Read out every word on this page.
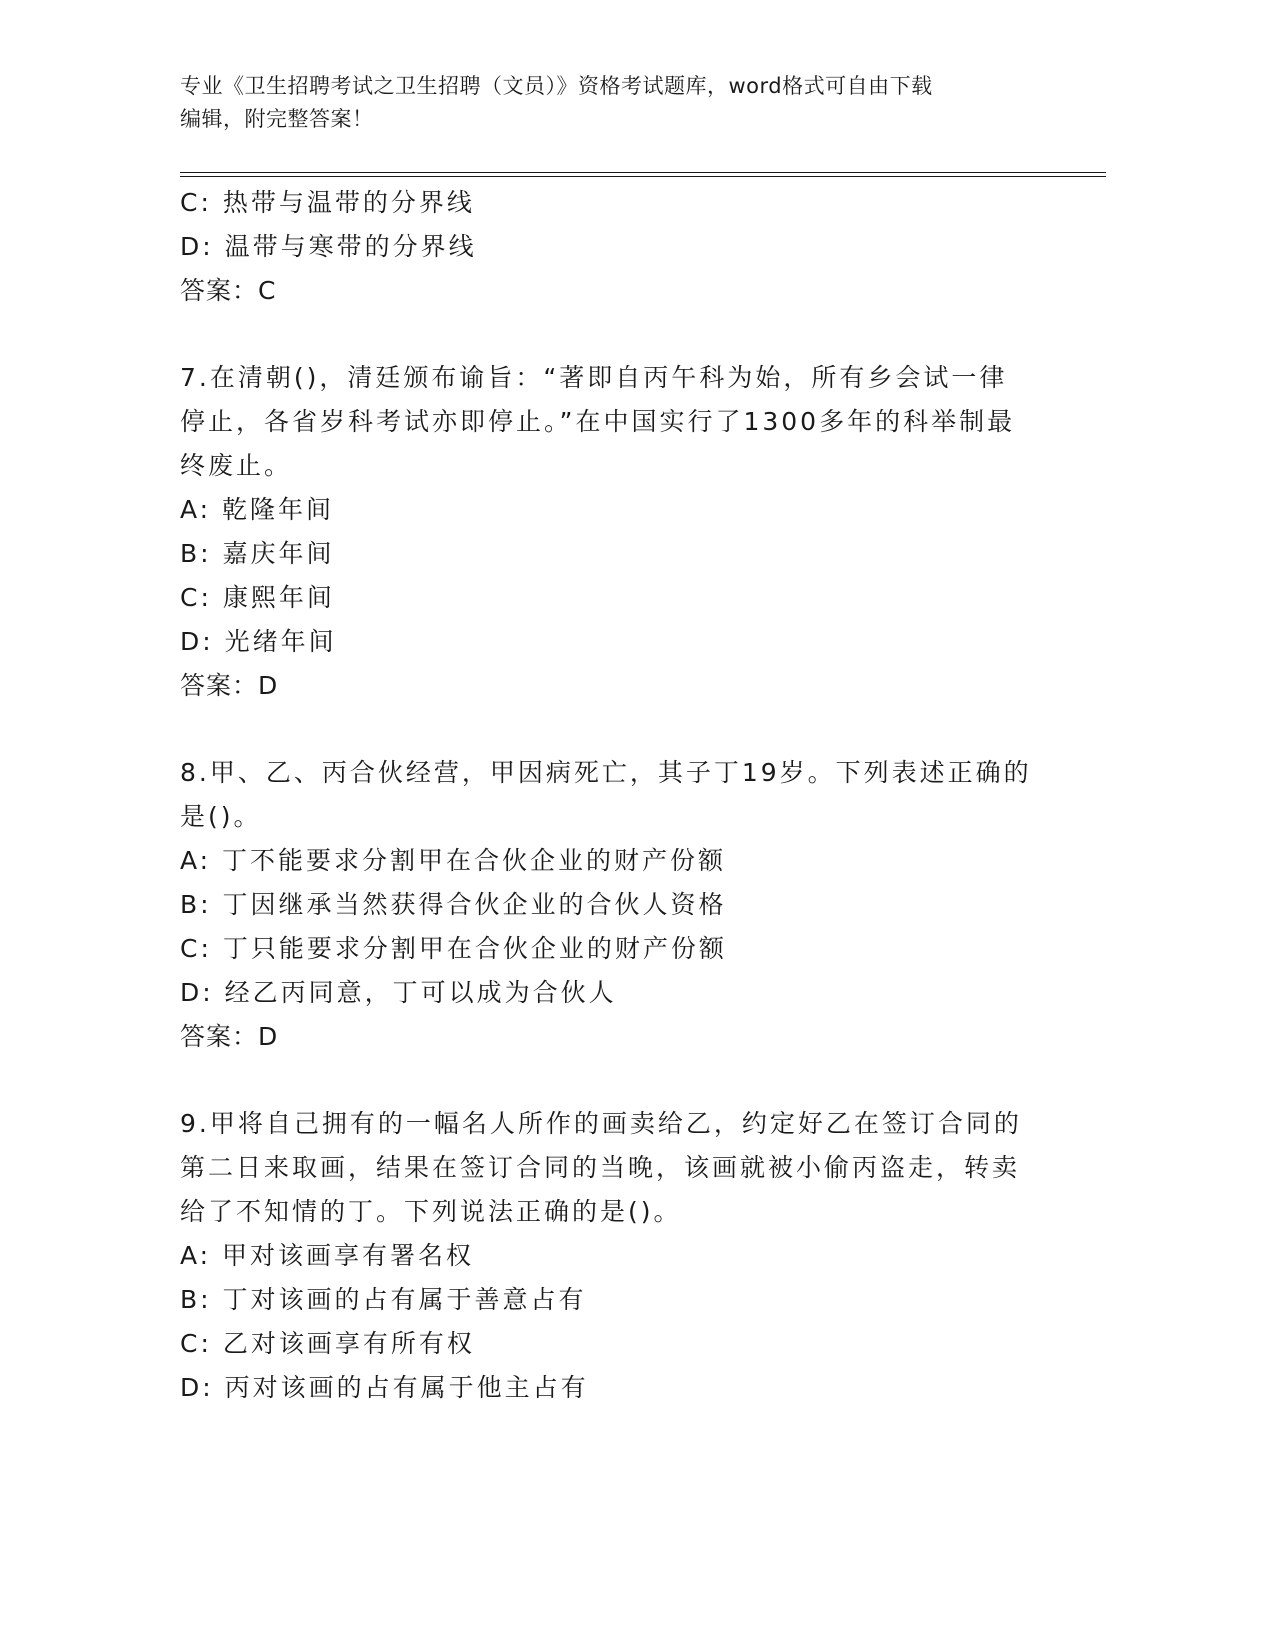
专业《卫生招聘考试之卫生招聘（文员）》资格考试题库，word格式可自由下载
编辑，附完整答案！
C: 热带与温带的分界线
D: 温带与寒带的分界线
答案：C
7.在清朝()，清廷颁布谕旨：“著即自丙午科为始，所有乡会试一律
停止，各省岁科考试亦即停止。”在中国实行了1300多年的科举制最
终废止。
A: 乾隆年间
B: 嘉庆年间
C: 康熙年间
D: 光绪年间
答案：D
8.甲、乙、丙合伙经营，甲因病死亡，其子丁19岁。下列表述正确的
是()。
A: 丁不能要求分割甲在合伙企业的财产份额
B: 丁因继承当然获得合伙企业的合伙人资格
C: 丁只能要求分割甲在合伙企业的财产份额
D: 经乙丙同意，丁可以成为合伙人
答案：D
9.甲将自己拥有的一幅名人所作的画卖给乙，约定好乙在签订合同的
第二日来取画，结果在签订合同的当晚，该画就被小偷丙盗走，转卖
给了不知情的丁。下列说法正确的是()。
A: 甲对该画享有署名权
B: 丁对该画的占有属于善意占有
C: 乙对该画享有所有权
D: 丙对该画的占有属于他主占有
